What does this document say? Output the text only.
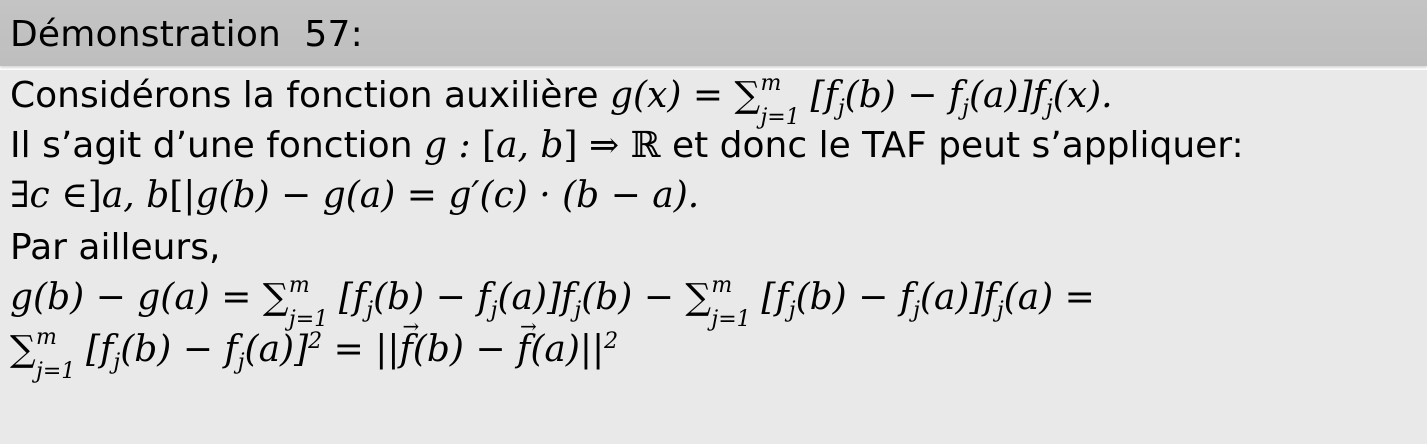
Démonstration  57:
Considérons la fonction auxilière g(x) = ∑ m
j=1
$[f_j(b) - f_j(a)]f_j(x)$.
Il s’agit d’une fonction g : [a, b] ⇒ ℝ et donc le TAF peut s’appliquer:
∃c ∈]a, b[|g(b) − g(a) = g′(c) · (b − a).
Par ailleurs,
g(b) − g(a) = ∑ m
j=1
$[f_j(b) - f_j(a)]f_j(b)$ − ∑ m
j=1
$[f_j(b) - f_j(a)]f_j(a)$ =
∑ m
j=1
$[f_j(b) - f_j(a)]^2$ = ||→ f(b) − → $f(a)||^2$
